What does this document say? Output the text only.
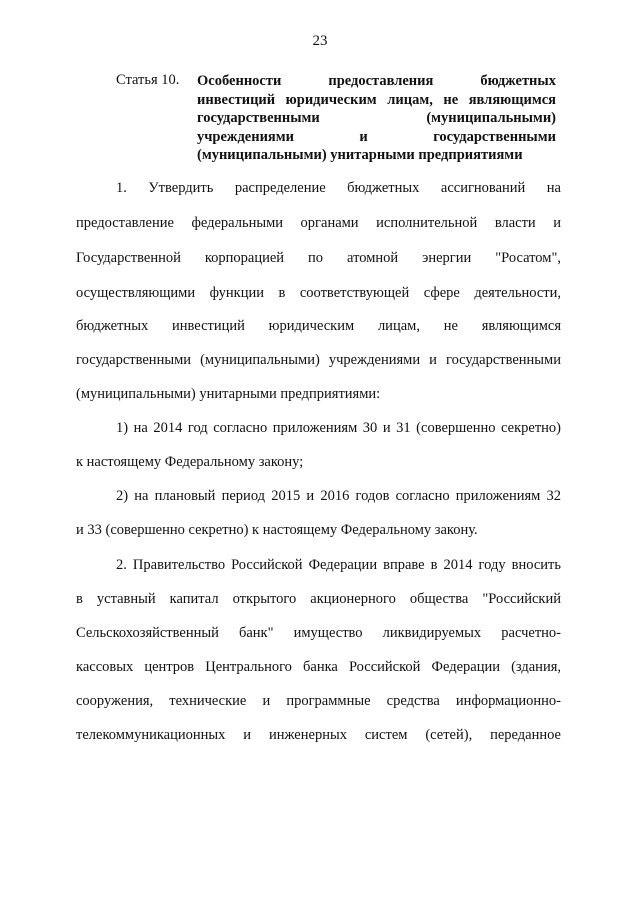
23
Статья 10. Особенности предоставления бюджетных
инвестиций юридическим лицам, не являющимся
государственными (муниципальными)
учреждениями и государственными
(муниципальными) унитарными предприятиями
1. Утвердить распределение бюджетных ассигнований на
предоставление федеральными органами исполнительной власти и
Государственной корпорацией по атомной энергии "Росатом",
осуществляющими функции в соответствующей сфере деятельности,
бюджетных инвестиций юридическим лицам, не являющимся
государственными (муниципальными) учреждениями и государственными
(муниципальными) унитарными предприятиями:
1) на 2014 год согласно приложениям 30 и 31 (совершенно секретно)
к настоящему Федеральному закону;
2) на плановый период 2015 и 2016 годов согласно приложениям 32
и 33 (совершенно секретно) к настоящему Федеральному закону.
2. Правительство Российской Федерации вправе в 2014 году вносить
в уставный капитал открытого акционерного общества "Российский
Сельскохозяйственный банк" имущество ликвидируемых расчетно-
кассовых центров Центрального банка Российской Федерации (здания,
сооружения, технические и программные средства информационно-
телекоммуникационных и инженерных систем (сетей), переданное
